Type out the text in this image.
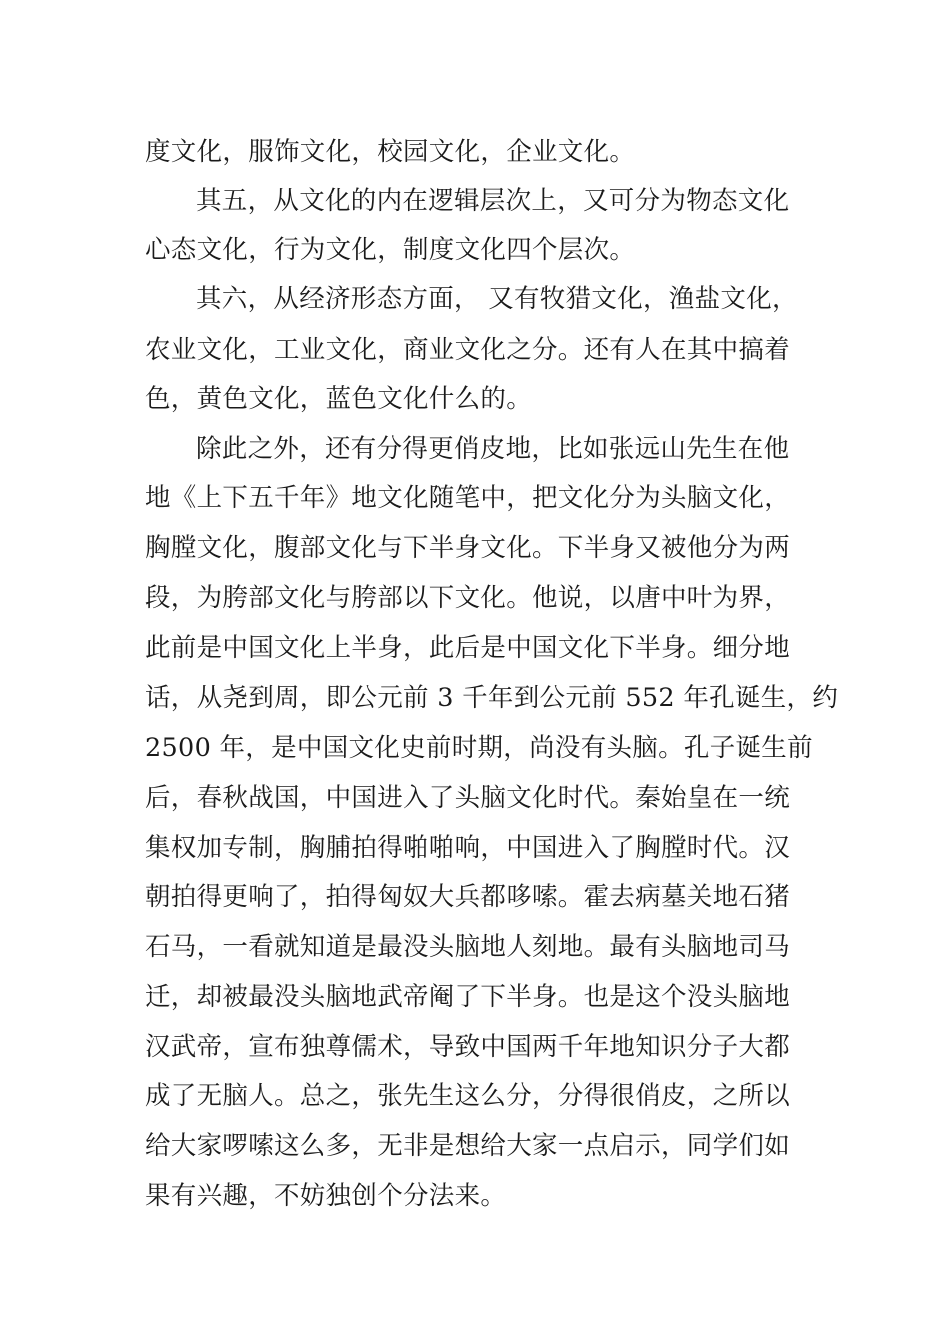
度文化，服饰文化，校园文化，企业文化。
其五，从文化的内在逻辑层次上，又可分为物态文化
心态文化，行为文化，制度文化四个层次。
其六，从经济形态方面， 又有牧猎文化，渔盐文化，
农业文化，工业文化，商业文化之分。还有人在其中搞着
色，黄色文化，蓝色文化什么的。
除此之外，还有分得更俏皮地，比如张远山先生在他
地《上下五千年》地文化随笔中，把文化分为头脑文化，
胸膛文化，腹部文化与下半身文化。下半身又被他分为两
段，为胯部文化与胯部以下文化。他说，以唐中叶为界，
此前是中国文化上半身，此后是中国文化下半身。细分地
话，从尧到周，即公元前 3 千年到公元前 552 年孔诞生，约
2500 年，是中国文化史前时期，尚没有头脑。孔子诞生前
后，春秋战国，中国进入了头脑文化时代。秦始皇在一统
集权加专制，胸脯拍得啪啪响，中国进入了胸膛时代。汉
朝拍得更响了，拍得匈奴大兵都哆嗦。霍去病墓关地石猪
石马，一看就知道是最没头脑地人刻地。最有头脑地司马
迁，却被最没头脑地武帝阉了下半身。也是这个没头脑地
汉武帝，宣布独尊儒术，导致中国两千年地知识分子大都
成了无脑人。总之，张先生这么分，分得很俏皮，之所以
给大家啰嗦这么多，无非是想给大家一点启示，同学们如
果有兴趣，不妨独创个分法来。
